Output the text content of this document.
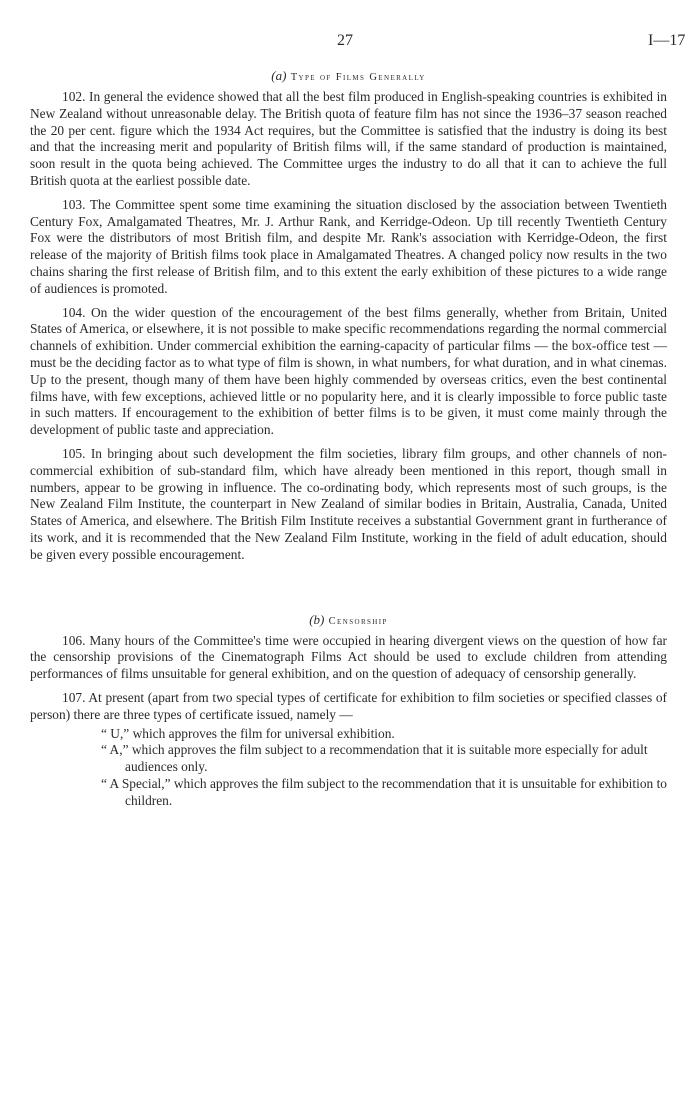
27	I—17
(a) Type of Films Generally

102. In general the evidence showed that all the best film produced in English-speaking countries is exhibited in New Zealand without unreasonable delay. The British quota of feature film has not since the 1936–37 season reached the 20 per cent. figure which the 1934 Act requires, but the Committee is satisfied that the industry is doing its best and that the increasing merit and popularity of British films will, if the same standard of production is maintained, soon result in the quota being achieved. The Committee urges the industry to do all that it can to achieve the full British quota at the earliest possible date.

103. The Committee spent some time examining the situation disclosed by the association between Twentieth Century Fox, Amalgamated Theatres, Mr. J. Arthur Rank, and Kerridge-Odeon. Up till recently Twentieth Century Fox were the distributors of most British film, and despite Mr. Rank's association with Kerridge-Odeon, the first release of the majority of British films took place in Amalgamated Theatres. A changed policy now results in the two chains sharing the first release of British film, and to this extent the early exhibition of these pictures to a wide range of audiences is promoted.

104. On the wider question of the encouragement of the best films generally, whether from Britain, United States of America, or elsewhere, it is not possible to make specific recommendations regarding the normal commercial channels of exhibition. Under commercial exhibition the earning-capacity of particular films — the box-office test — must be the deciding factor as to what type of film is shown, in what numbers, for what duration, and in what cinemas. Up to the present, though many of them have been highly commended by overseas critics, even the best continental films have, with few exceptions, achieved little or no popularity here, and it is clearly impossible to force public taste in such matters. If encouragement to the exhibition of better films is to be given, it must come mainly through the development of public taste and appreciation.

105. In bringing about such development the film societies, library film groups, and other channels of non-commercial exhibition of sub-standard film, which have already been mentioned in this report, though small in numbers, appear to be growing in influence. The co-ordinating body, which represents most of such groups, is the New Zealand Film Institute, the counterpart in New Zealand of similar bodies in Britain, Australia, Canada, United States of America, and elsewhere. The British Film Institute receives a substantial Government grant in furtherance of its work, and it is recommended that the New Zealand Film Institute, working in the field of adult education, should be given every possible encouragement.

(b) Censorship

106. Many hours of the Committee's time were occupied in hearing divergent views on the question of how far the censorship provisions of the Cinematograph Films Act should be used to exclude children from attending performances of films unsuitable for general exhibition, and on the question of adequacy of censorship generally.

107. At present (apart from two special types of certificate for exhibition to film societies or specified classes of person) there are three types of certificate issued, namely —

“ U,” which approves the film for universal exhibition.
“ A,” which approves the film subject to a recommendation that it is suitable more especially for adult audiences only.
“ A Special,” which approves the film subject to the recommendation that it is unsuitable for exhibition to children.
